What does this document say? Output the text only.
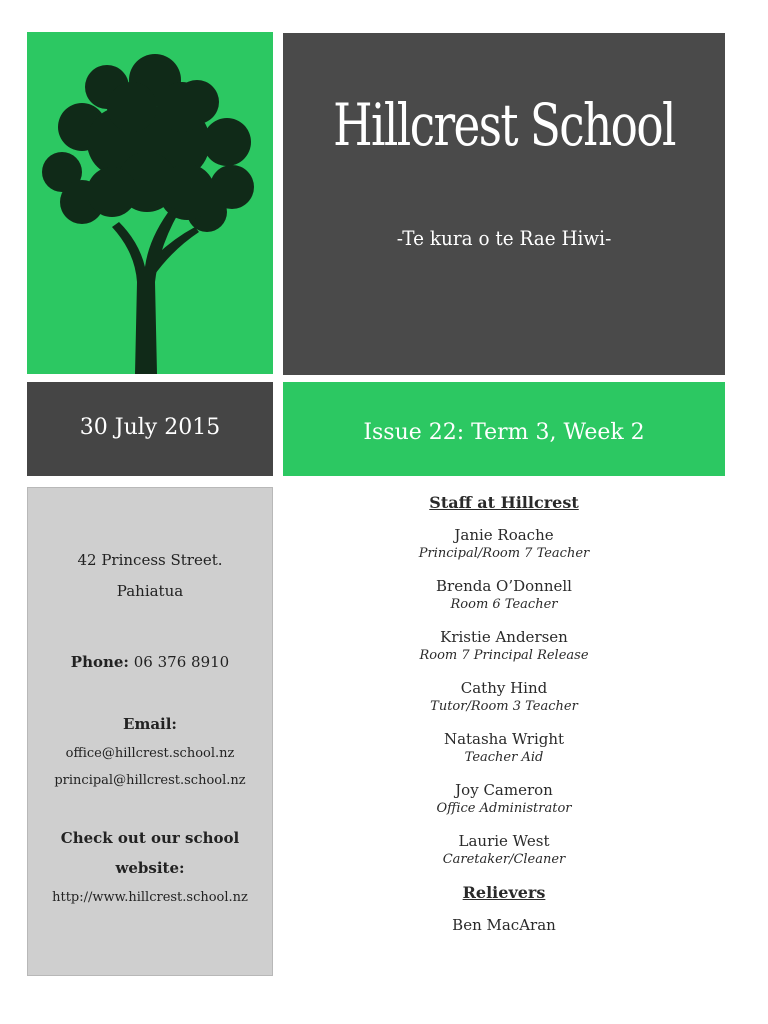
Hillcrest School
-Te kura o te Rae Hiwi-
30 July 2015	Issue 22: Term 3, Week 2
42 Princess Street.
Pahiatua
Phone: 06 376 8910
Email:
office@hillcrest.school.nz
principal@hillcrest.school.nz
Check out our school
website:
http://www.hillcrest.school.nz
Staff at Hillcrest
Janie Roache
Principal/Room 7 Teacher
Brenda O’Donnell
Room 6 Teacher
Kristie Andersen
Room 7 Principal Release
Cathy Hind
Tutor/Room 3 Teacher
Natasha Wright
Teacher Aid
Joy Cameron
Office Administrator
Laurie West
Caretaker/Cleaner
Relievers
Ben MacAran
